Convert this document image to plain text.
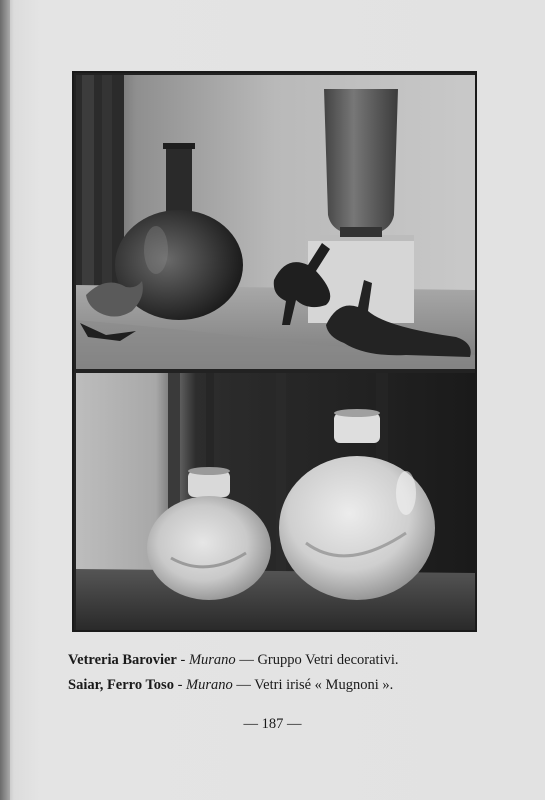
Vetreria Barovier - Murano — Gruppo Vetri decorativi.
Saiar, Ferro Toso - Murano — Vetri irisé « Mugnoni ».
— 187 —
